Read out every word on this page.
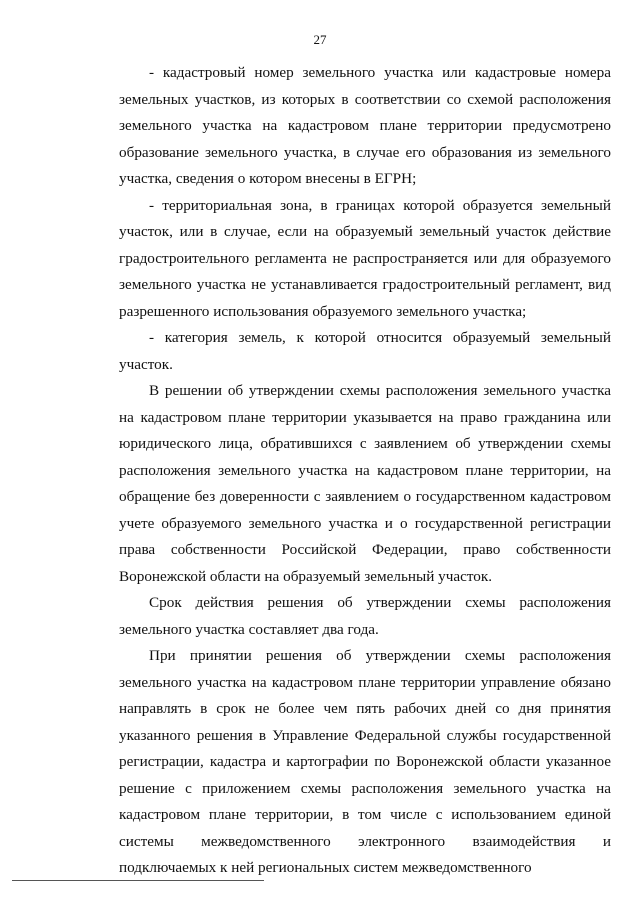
27

- кадастровый номер земельного участка или кадастровые номера земельных участков, из которых в соответствии со схемой расположения земельного участка на кадастровом плане территории предусмотрено образование земельного участка, в случае его образования из земельного участка, сведения о котором внесены в ЕГРН;

- территориальная зона, в границах которой образуется земельный участок, или в случае, если на образуемый земельный участок действие градостроительного регламента не распространяется или для образуемого земельного участка не устанавливается градостроительный регламент, вид разрешенного использования образуемого земельного участка;

- категория земель, к которой относится образуемый земельный участок.

В решении об утверждении схемы расположения земельного участка на кадастровом плане территории указывается на право гражданина или юридического лица, обратившихся с заявлением об утверждении схемы расположения земельного участка на кадастровом плане территории, на обращение без доверенности с заявлением о государственном кадастровом учете образуемого земельного участка и о государственной регистрации права собственности Российской Федерации, право собственности Воронежской области на образуемый земельный участок.

Срок действия решения об утверждении схемы расположения земельного участка составляет два года.

При принятии решения об утверждении схемы расположения земельного участка на кадастровом плане территории управление обязано направлять в срок не более чем пять рабочих дней со дня принятия указанного решения в Управление Федеральной службы государственной регистрации, кадастра и картографии по Воронежской области указанное решение с приложением схемы расположения земельного участка на кадастровом плане территории, в том числе с использованием единой системы межведомственного электронного взаимодействия и подключаемых к ней региональных систем межведомственного
